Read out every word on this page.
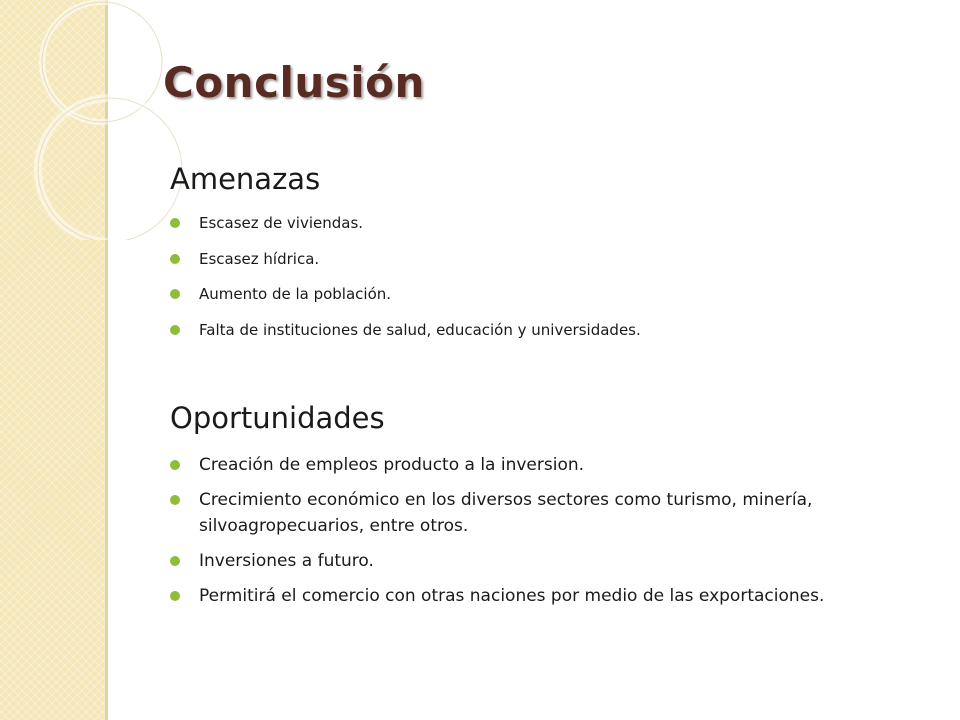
Conclusión
Amenazas
Escasez de viviendas.
Escasez hídrica.
Aumento de la población.
Falta de instituciones de salud, educación y universidades.
Oportunidades
Creación de empleos producto a la inversion.
Crecimiento económico en los diversos sectores como turismo, minería, silvoagropecuarios, entre otros.
Inversiones a futuro.
Permitirá el comercio con otras naciones por medio de las exportaciones.
